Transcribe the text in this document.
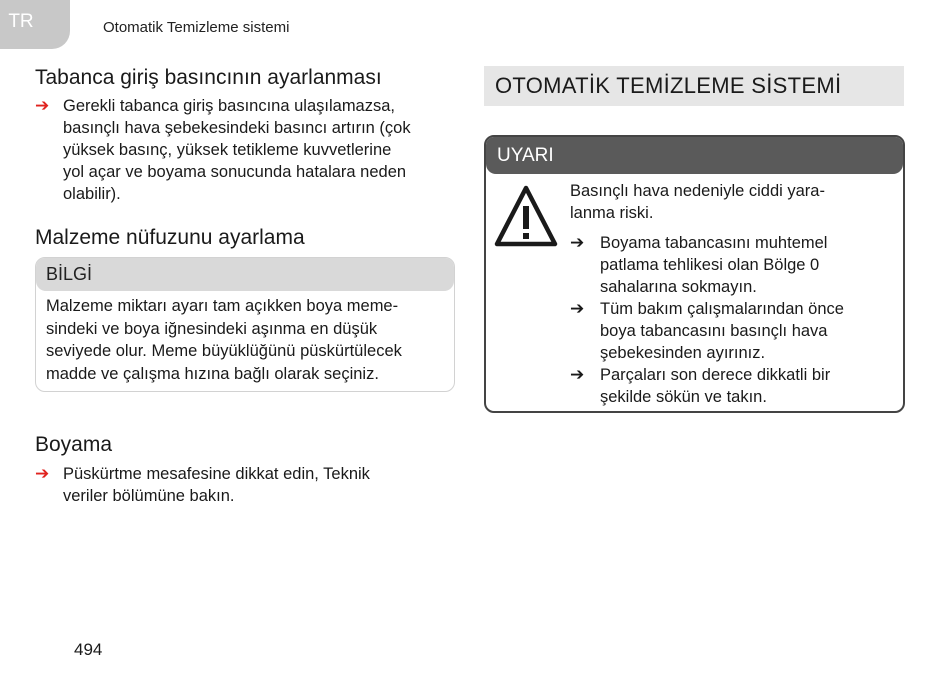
TR	Otomatik Temizleme sistemi
Tabanca giriş basıncının ayarlanması
➔ Gerekli tabanca giriş basıncına ulaşılamazsa,
basınçlı hava şebekesindeki basıncı artırın (çok
yüksek basınç, yüksek tetikleme kuvvetlerine
yol açar ve boyama sonucunda hatalara neden
olabilir).
Malzeme nüfuzunu ayarlama
BİLGİ
Malzeme miktarı ayarı tam açıkken boya meme-
sindeki ve boya iğnesindeki aşınma en düşük
seviyede olur. Meme büyüklüğünü püskürtülecek
madde ve çalışma hızına bağlı olarak seçiniz.
Boyama
➔ Püskürtme mesafesine dikkat edin, Teknik
veriler bölümüne bakın.
OTOMATİK TEMİZLEME SİSTEMİ
UYARI
Basınçlı hava nedeniyle ciddi yara-
lanma riski.
➔ Boyama tabancasını muhtemel
patlama tehlikesi olan Bölge 0
sahalarına sokmayın.
➔ Tüm bakım çalışmalarından önce
boya tabancasını basınçlı hava
şebekesinden ayırınız.
➔ Parçaları son derece dikkatli bir
şekilde sökün ve takın.
494
